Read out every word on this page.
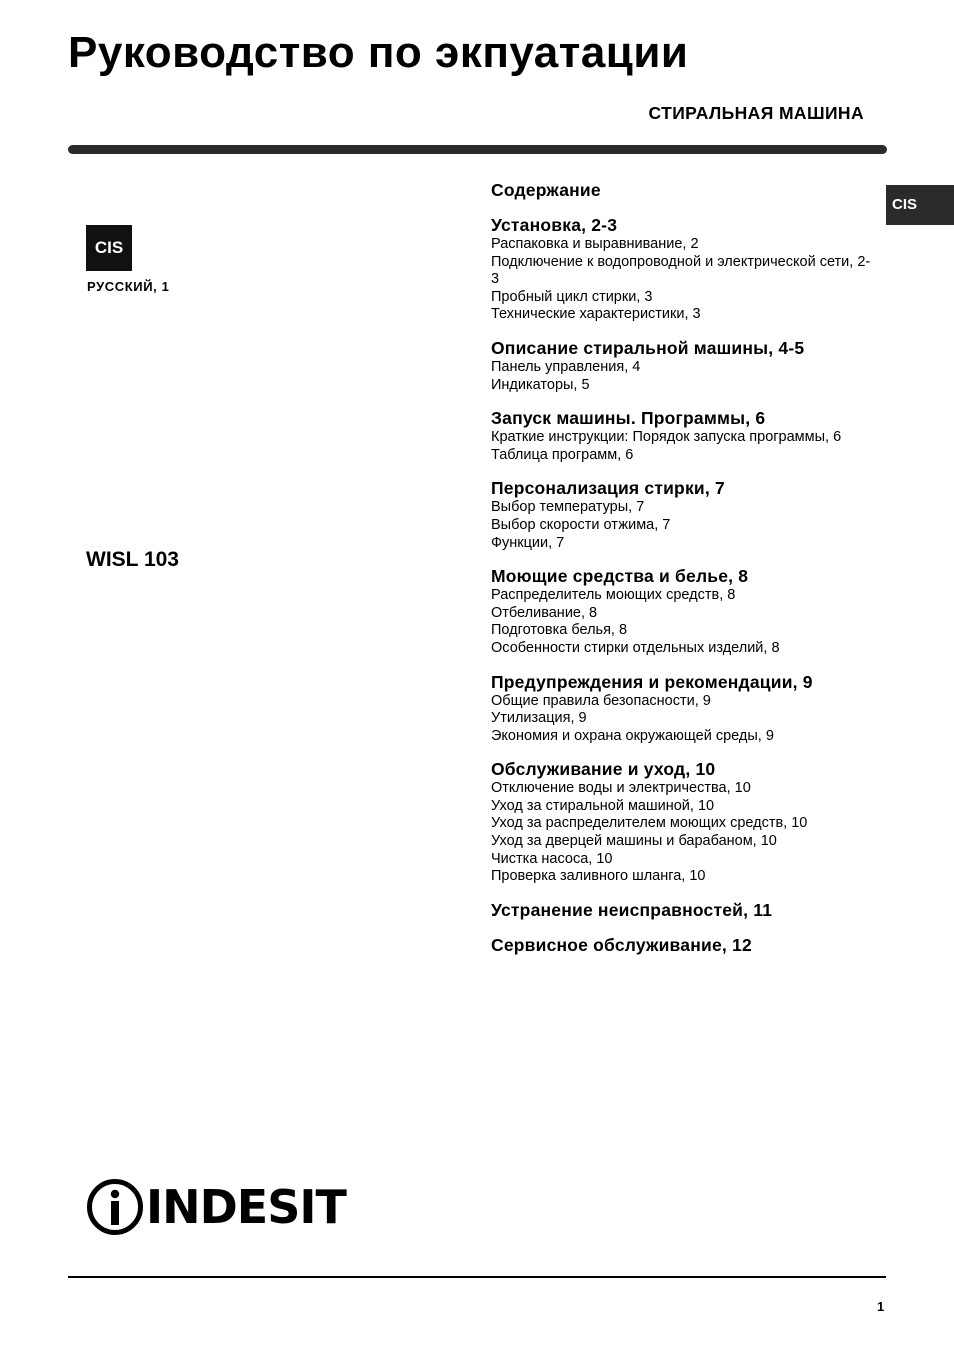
Руководство по экпуатации
СТИРАЛЬНАЯ МАШИНА
CIS
CIS
РУССКИЙ, 1
WISL 103
Содержание
Установка, 2-3
Распаковка и выравнивание, 2
Подключение к водопроводной и электрической сети, 2-3
Пробный цикл стирки, 3
Технические характеристики, 3
Описание стиральной машины, 4-5
Панель управления, 4
Индикаторы, 5
Запуск машины. Программы, 6
Краткие инструкции: Порядок запуска программы, 6
Таблица программ, 6
Персонализация стирки, 7
Выбор температуры, 7
Выбор скорости отжима, 7
Функции, 7
Моющие средства и белье, 8
Распределитель моющих средств, 8
Отбеливание, 8
Подготовка белья, 8
Особенности стирки отдельных изделий, 8
Предупреждения и рекомендации, 9
Общие правила безопасности, 9
Утилизация, 9
Экономия и охрана окружающей среды, 9
Обслуживание и уход, 10
Отключение воды и электричества, 10
Уход за стиральной машиной, 10
Уход за распределителем моющих средств, 10
Уход за дверцей машины и барабаном, 10
Чистка насоса, 10
Проверка заливного шланга, 10
Устранение неисправностей, 11
Сервисное обслуживание, 12
INDESIT
1
